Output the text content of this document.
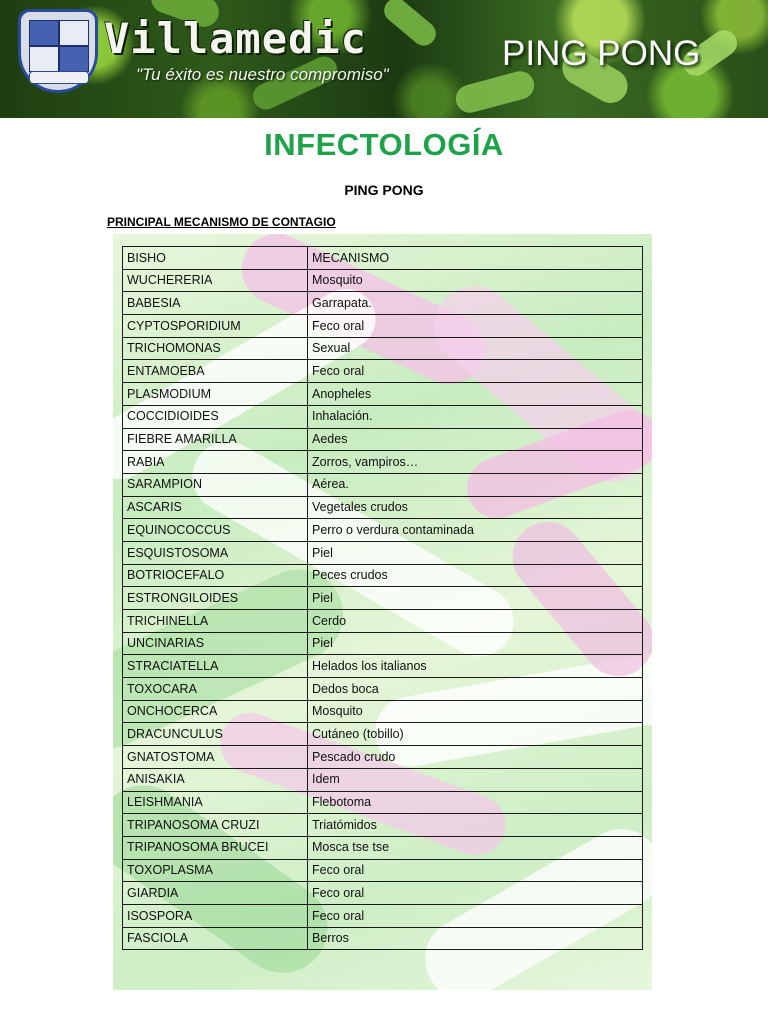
Villamedic
"Tu éxito es nuestro compromiso"
PING PONG
INFECTOLOGÍA
PING PONG
PRINCIPAL MECANISMO DE CONTAGIO
BISHO	MECANISMO
WUCHERERIA	Mosquito
BABESIA	Garrapata.
CYPTOSPORIDIUM	Feco oral
TRICHOMONAS	Sexual
ENTAMOEBA	Feco oral
PLASMODIUM	Anopheles
COCCIDIOIDES	Inhalación.
FIEBRE AMARILLA	Aedes
RABIA	Zorros, vampiros…
SARAMPION	Aérea.
ASCARIS	Vegetales crudos
EQUINOCOCCUS	Perro o verdura contaminada
ESQUISTOSOMA	Piel
BOTRIOCEFALO	Peces crudos
ESTRONGILOIDES	Piel
TRICHINELLA	Cerdo
UNCINARIAS	Piel
STRACIATELLA	Helados los italianos
TOXOCARA	Dedos boca
ONCHOCERCA	Mosquito
DRACUNCULUS	Cutáneo (tobillo)
GNATOSTOMA	Pescado crudo
ANISAKIA	Idem
LEISHMANIA	Flebotoma
TRIPANOSOMA CRUZI	Triatómidos
TRIPANOSOMA BRUCEI	Mosca tse tse
TOXOPLASMA	Feco oral
GIARDIA	Feco oral
ISOSPORA	Feco oral
FASCIOLA	Berros
